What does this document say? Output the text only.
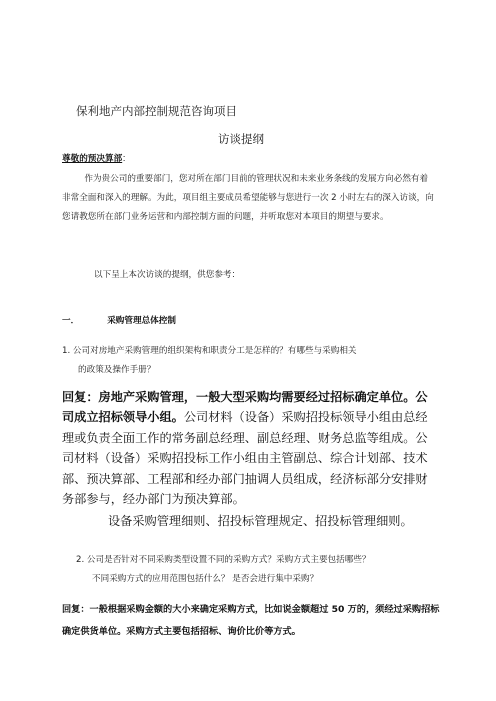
保利地产内部控制规范咨询项目
访谈提纲
尊敬的预决算部：

作为贵公司的重要部门，您对所在部门目前的管理状况和未来业务条线的发展方向必然有着非常全面和深入的理解。为此，项目组主要成员希望能够与您进行一次 2 小时左右的深入访谈，向您请教您所在部门业务运营和内部控制方面的问题，并听取您对本项目的期望与要求。

以下呈上本次访谈的提纲，供您参考：
一．	采购管理总体控制
1. 公司对房地产采购管理的组织架构和职责分工是怎样的？有哪些与采购相关
的政策及操作手册？
回复：房地产采购管理，一般大型采购均需要经过招标确定单位。公司成立招标领导小组。公司材料（设备）采购招投标领导小组由总经理或负责全面工作的常务副总经理、副总经理、财务总监等组成。公司材料（设备）采购招投标工作小组由主管副总、综合计划部、技术部、预决算部、工程部和经办部门抽调人员组成，经济标部分安排财务部参与，经办部门为预决算部。
设备采购管理细则、招投标管理规定、招投标管理细则。
2. 公司是否针对不同采购类型设置不同的采购方式？采购方式主要包括哪些？
不同采购方式的应用范围包括什么？ 是否会进行集中采购？
回复：一般根据采购金额的大小来确定采购方式，比如说金额超过 50 万的，须经过采购招标确定供货单位。采购方式主要包括招标、询价比价等方式。
